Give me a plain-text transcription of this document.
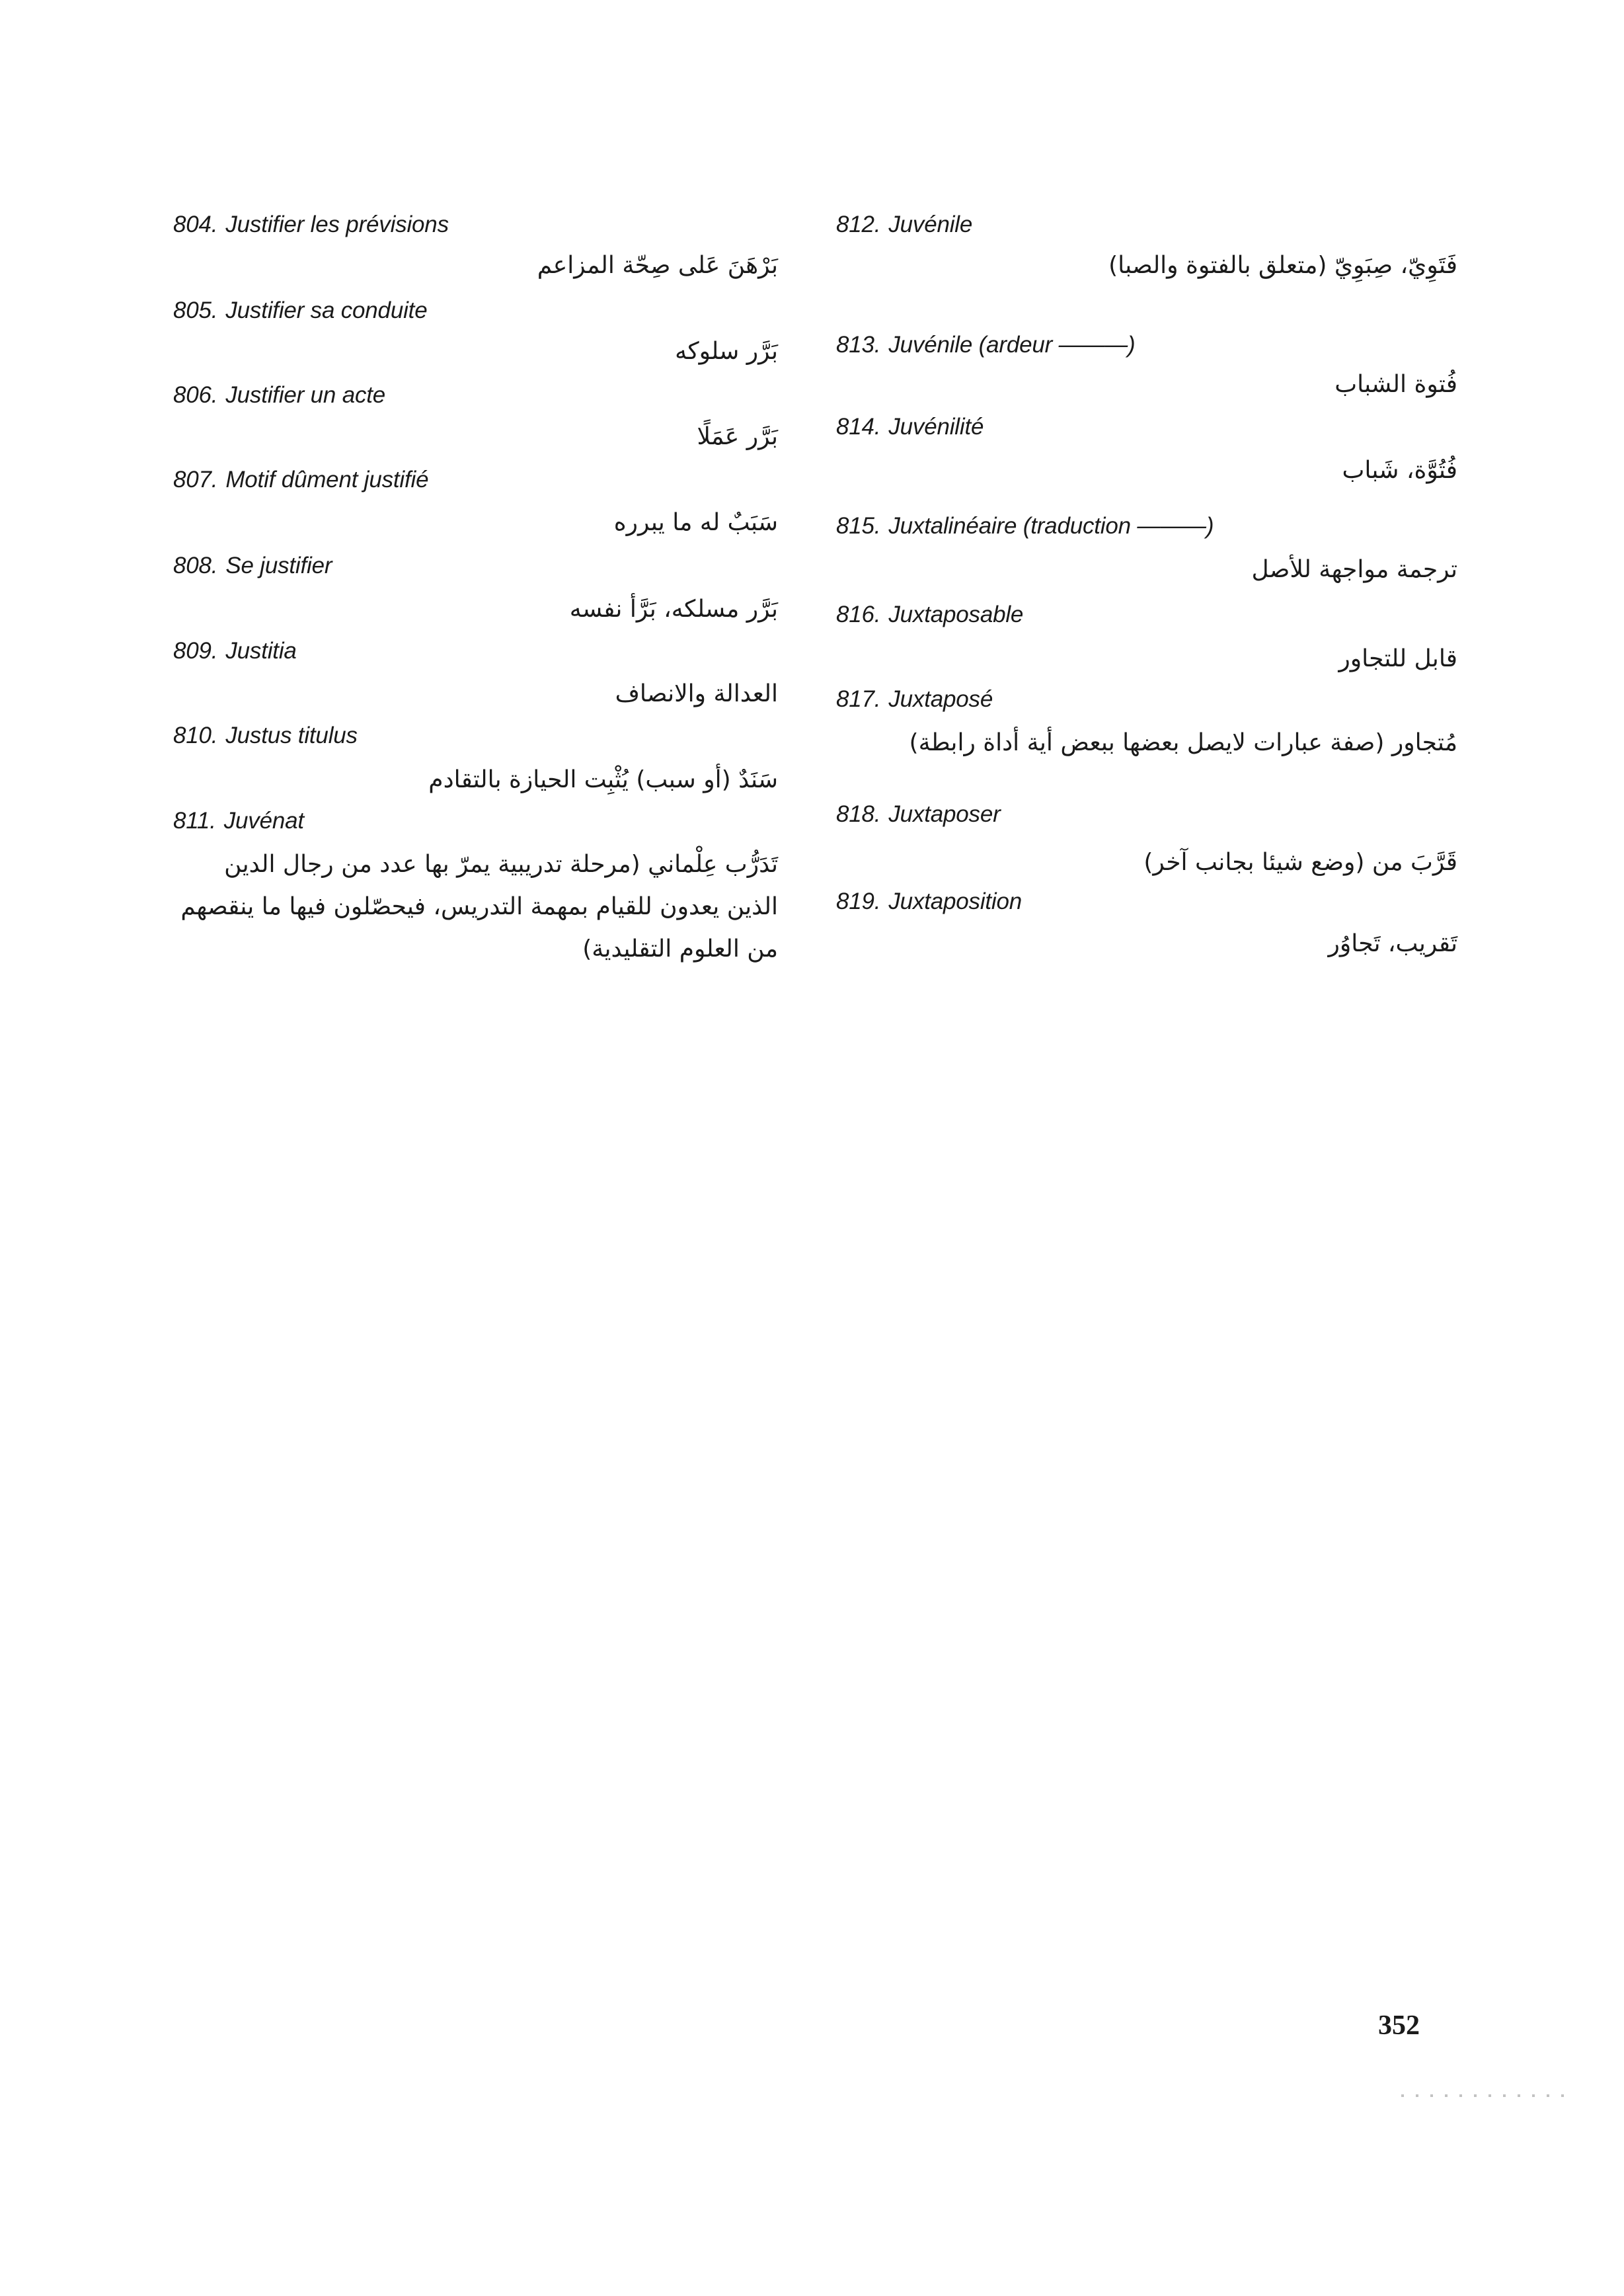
804. Justifier les prévisions
بَرْهَنَ عَلى صِحّة المزاعم
805. Justifier sa conduite
بَرَّر سلوكه
806. Justifier un acte
بَرَّر عَمَلًا
807. Motif dûment justifié
سَبَبٌ له ما يبرره
808. Se justifier
بَرَّر مسلكه، بَرَّأ نفسه
809. Justitia
العدالة والانصاف
810. Justus titulus
سَنَدٌ (أو سبب) يُثْبِت الحيازة بالتقادم
811. Juvénat
تَدَرُّب عِلْماني (مرحلة تدريبية يمرّ بها عدد من رجال الدين الذين يعدون للقيام بمهمة التدريس، فيحصّلون فيها ما ينقصهم من العلوم التقليدية)
812. Juvénile
فَتَوِيّ، صِبَوِيّ (متعلق بالفتوة والصبا)
813. Juvénile (ardeur ———)
فُتوة الشباب
814. Juvénilité
فُتُوَّة، شَباب
815. Juxtalinéaire (traduction ———)
ترجمة مواجهة للأصل
816. Juxtaposable
قابل للتجاور
817. Juxtaposé
مُتجاور (صفة عبارات لايصل بعضها ببعض أية أداة رابطة)
818. Juxtaposer
قَرَّبَ من (وضع شيئا بجانب آخر)
819. Juxtaposition
تَقريب، تَجاوُر
352
